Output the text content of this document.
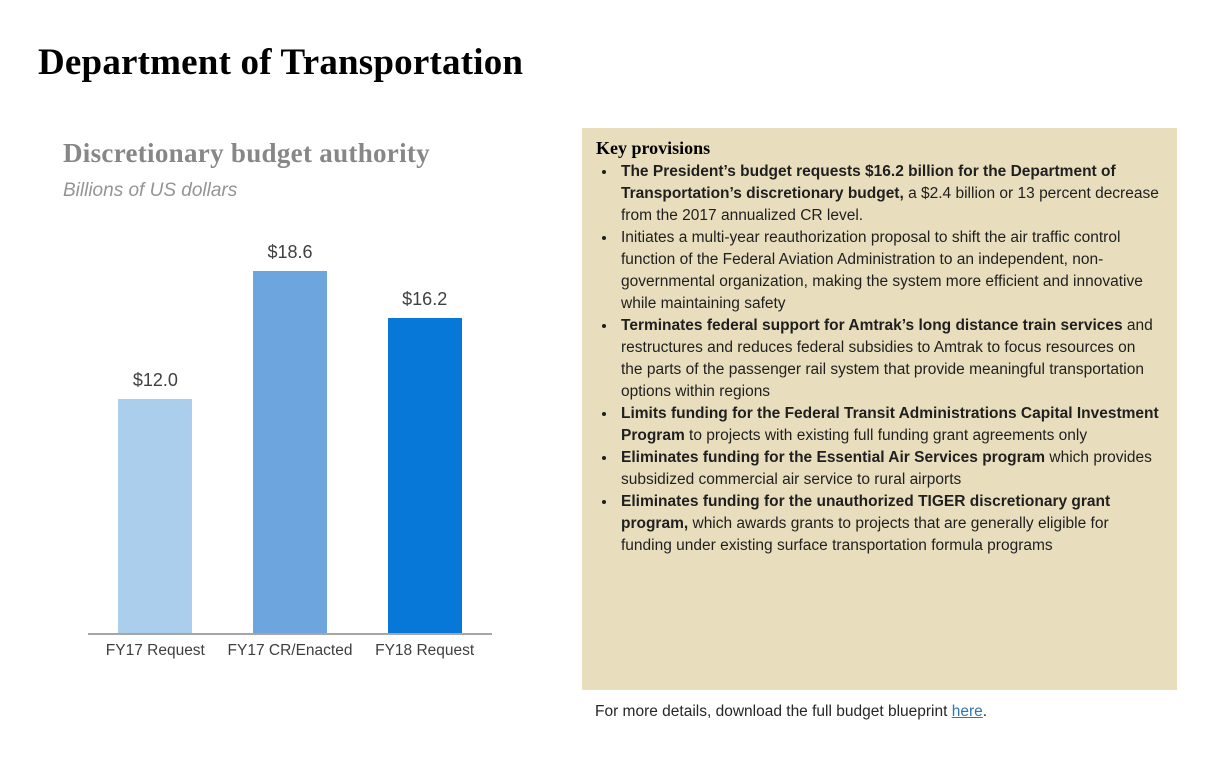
Department of Transportation
Discretionary budget authority
Billions of US dollars
$12.0
$18.6
$16.2
FY17 Request	FY17 CR/Enacted	FY18 Request
Key provisions
• The President’s budget requests $16.2 billion for the Department of Transportation’s discretionary budget, a $2.4 billion or 13 percent decrease from the 2017 annualized CR level.
• Initiates a multi-year reauthorization proposal to shift the air traffic control function of the Federal Aviation Administration to an independent, non-governmental organization, making the system more efficient and innovative while maintaining safety
• Terminates federal support for Amtrak’s long distance train services and restructures and reduces federal subsidies to Amtrak to focus resources on the parts of the passenger rail system that provide meaningful transportation options within regions
• Limits funding for the Federal Transit Administrations Capital Investment Program to projects with existing full funding grant agreements only
• Eliminates funding for the Essential Air Services program which provides subsidized commercial air service to rural airports
• Eliminates funding for the unauthorized TIGER discretionary grant program, which awards grants to projects that are generally eligible for funding under existing surface transportation formula programs
For more details, download the full budget blueprint here.
